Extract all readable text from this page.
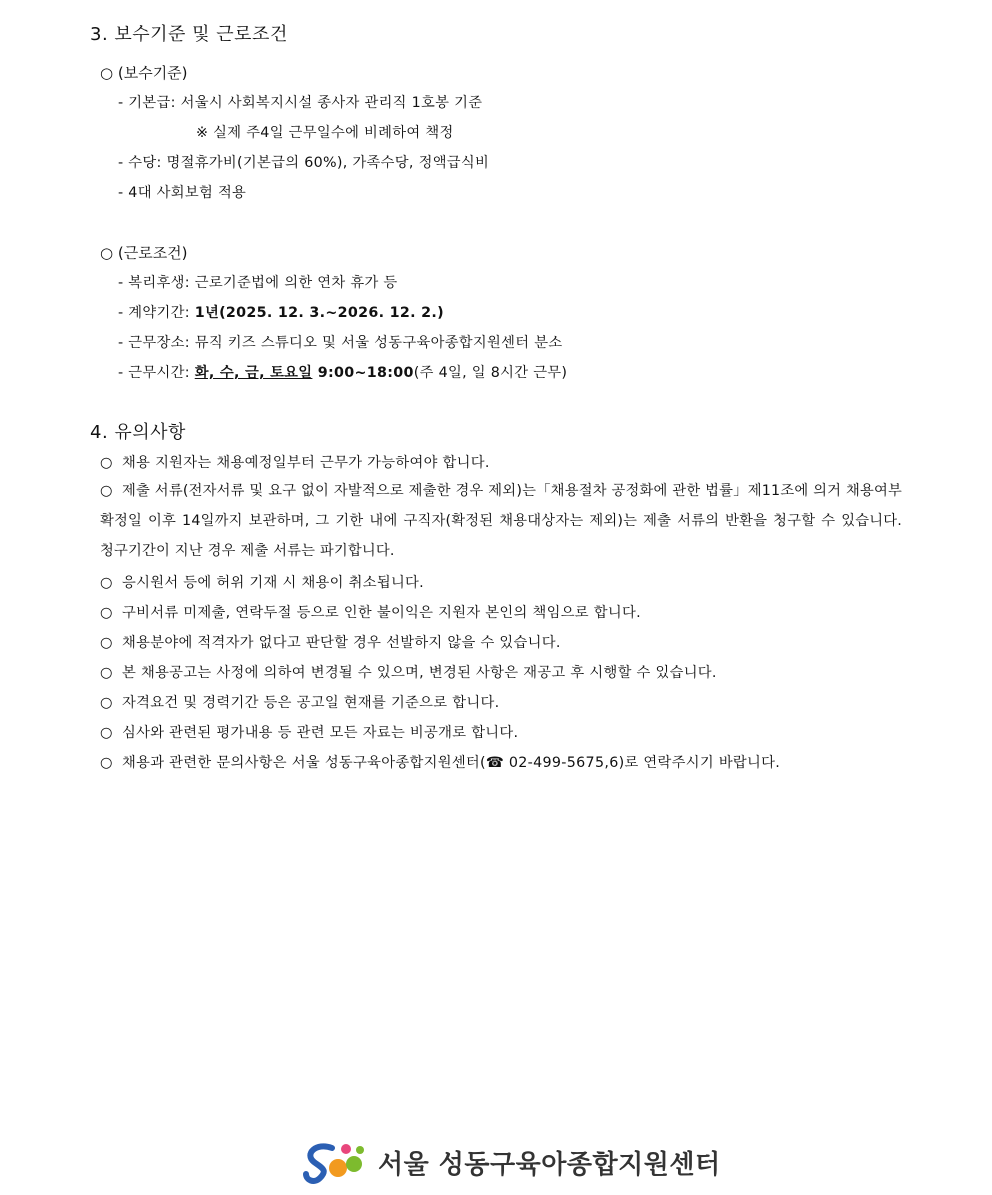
3. 보수기준 및 근로조건
○ (보수기준)
- 기본급: 서울시 사회복지시설 종사자 관리직 1호봉 기준
※ 실제 주4일 근무일수에 비례하여 책정
- 수당: 명절휴가비(기본급의 60%), 가족수당, 정액급식비
- 4대 사회보험 적용
○ (근로조건)
- 복리후생: 근로기준법에 의한 연차 휴가 등
- 계약기간: 1년(2025. 12. 3.~2026. 12. 2.)
- 근무장소: 뮤직 키즈 스튜디오 및 서울 성동구육아종합지원센터 분소
- 근무시간: 화, 수, 금, 토요일 9:00~18:00(주 4일, 일 8시간 근무)
4. 유의사항
○ 채용 지원자는 채용예정일부터 근무가 가능하여야 합니다.
○ 제출 서류(전자서류 및 요구 없이 자발적으로 제출한 경우 제외)는「채용절차 공정화에 관한 법률」제11조에 의거 채용여부 확정일 이후 14일까지 보관하며, 그 기한 내에 구직자(확정된 채용대상자는 제외)는 제출 서류의 반환을 청구할 수 있습니다. 청구기간이 지난 경우 제출 서류는 파기합니다.
○ 응시원서 등에 허위 기재 시 채용이 취소됩니다.
○ 구비서류 미제출, 연락두절 등으로 인한 불이익은 지원자 본인의 책임으로 합니다.
○ 채용분야에 적격자가 없다고 판단할 경우 선발하지 않을 수 있습니다.
○ 본 채용공고는 사정에 의하여 변경될 수 있으며, 변경된 사항은 재공고 후 시행할 수 있습니다.
○ 자격요건 및 경력기간 등은 공고일 현재를 기준으로 합니다.
○ 심사와 관련된 평가내용 등 관련 모든 자료는 비공개로 합니다.
○ 채용과 관련한 문의사항은 서울 성동구육아종합지원센터(☎ 02-499-5675,6)로 연락주시기 바랍니다.
서울 성동구육아종합지원센터
